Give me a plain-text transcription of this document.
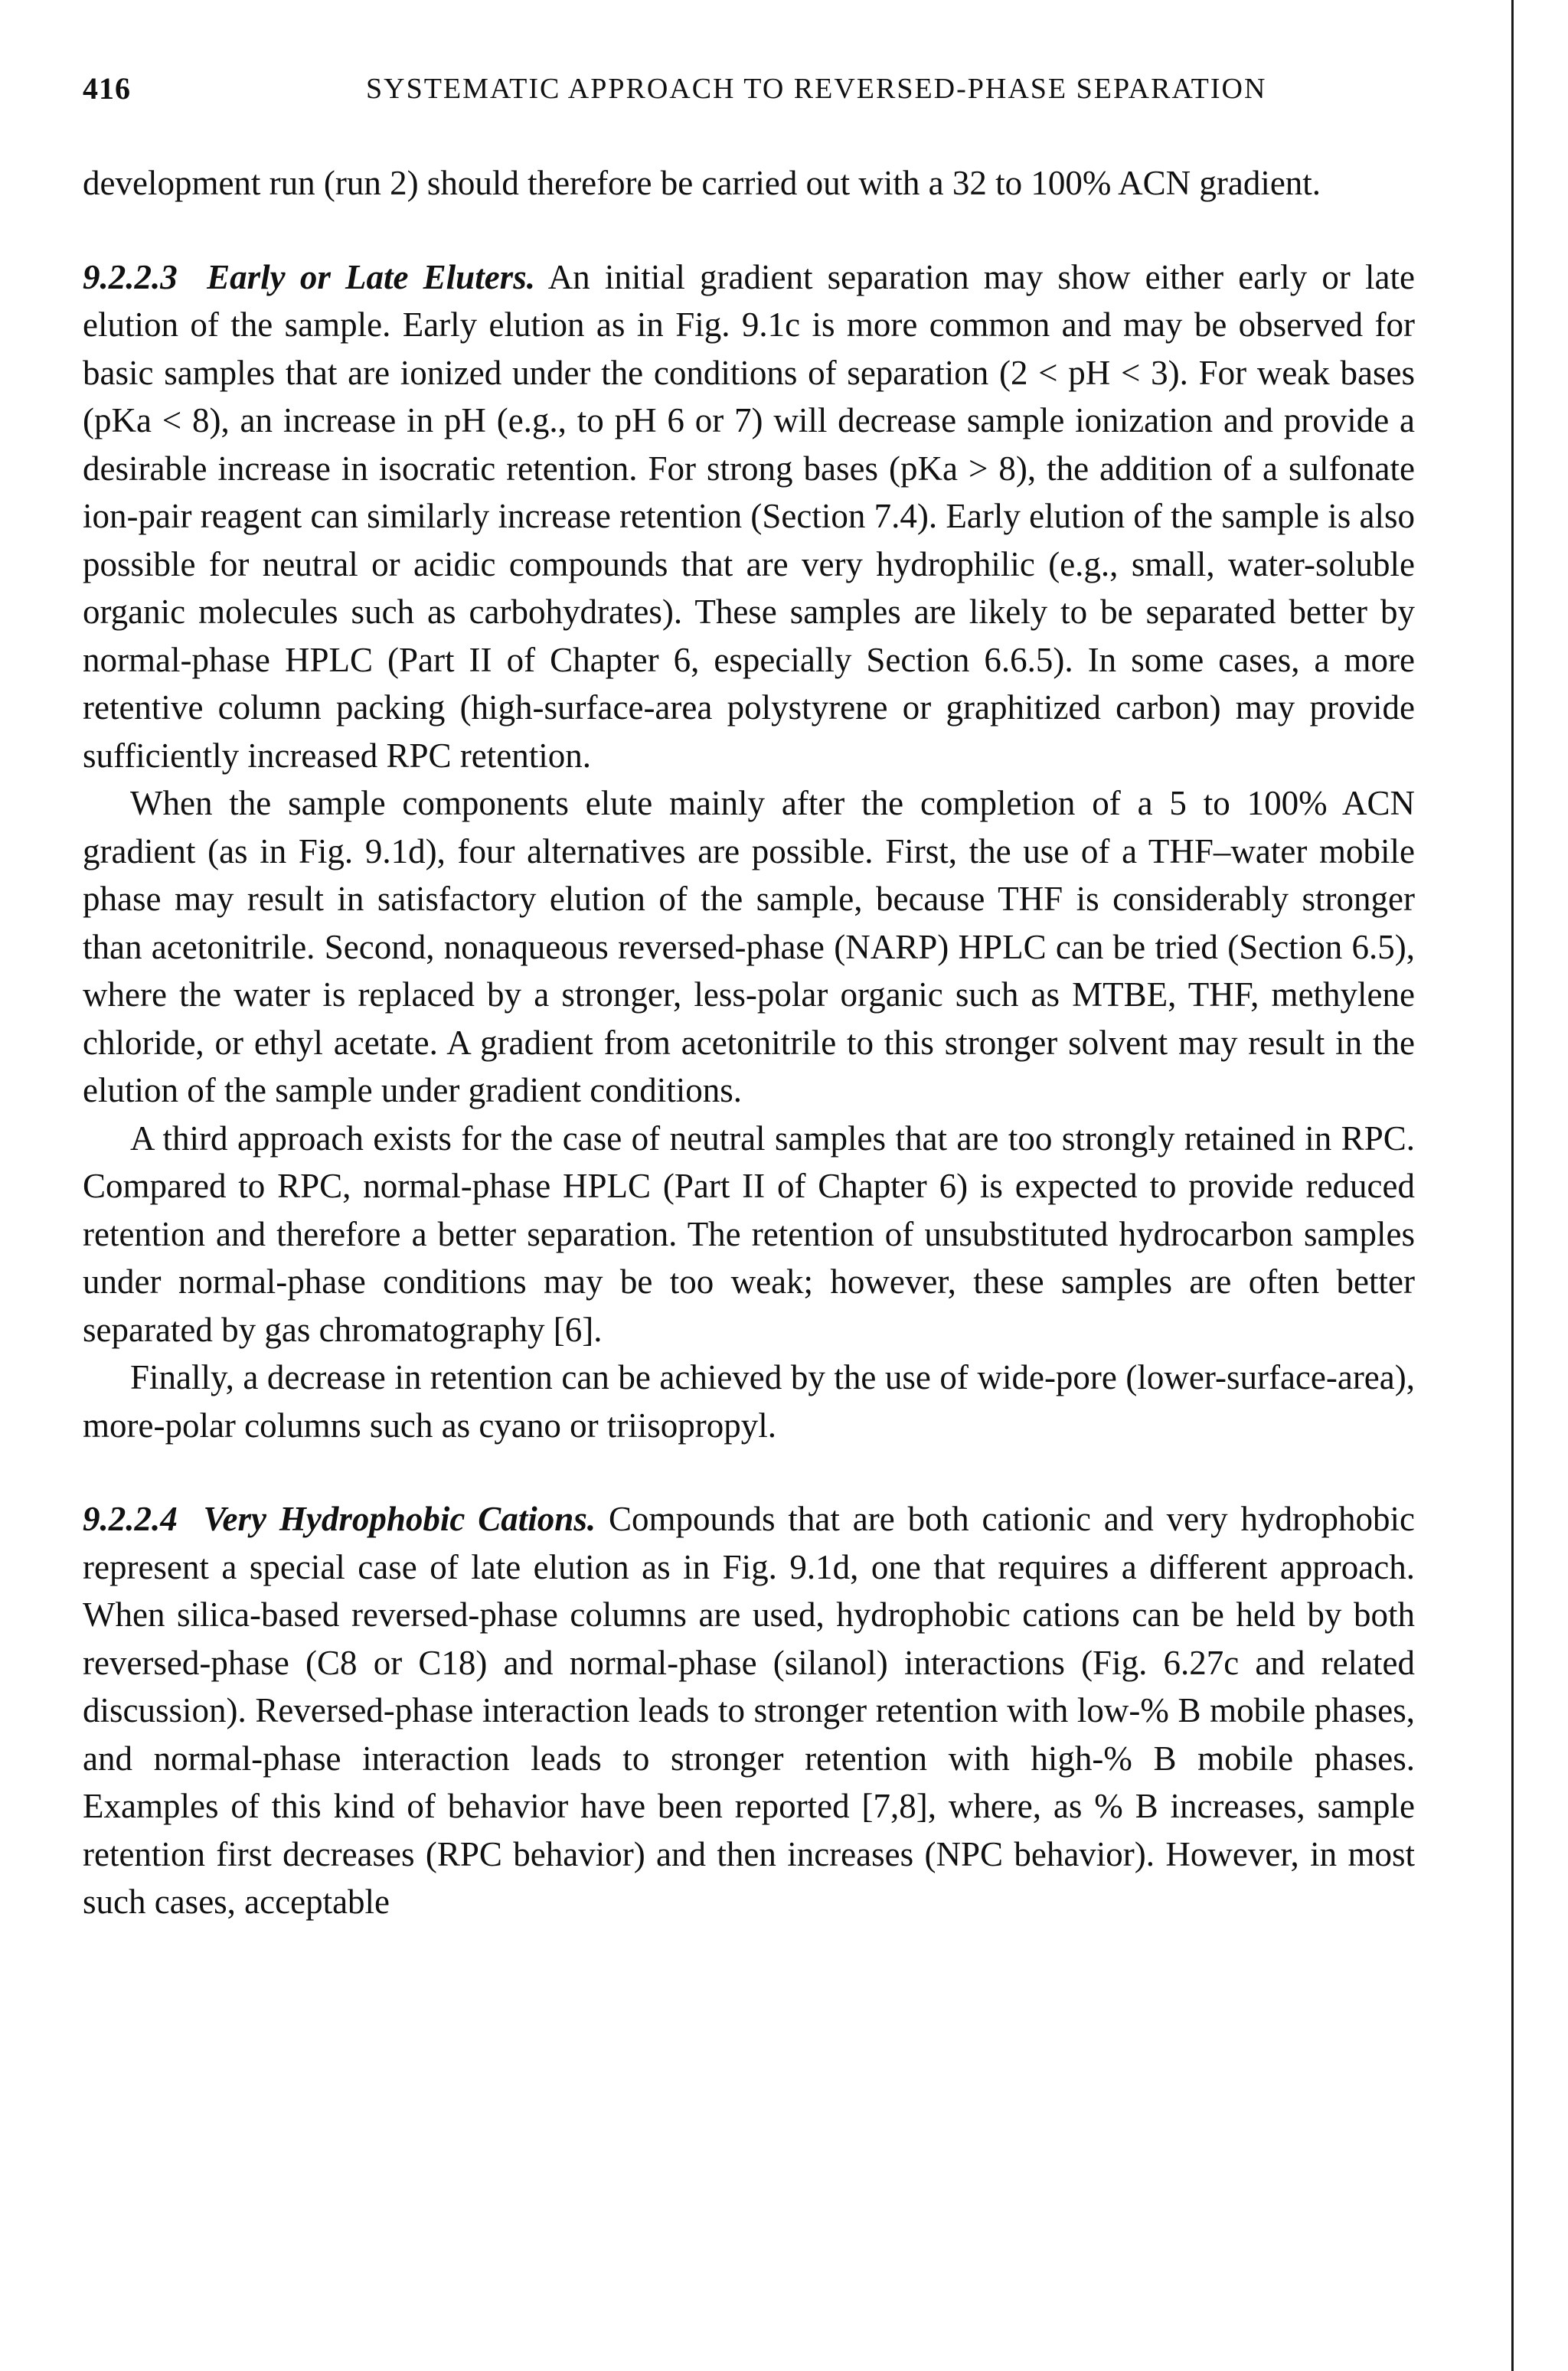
416	SYSTEMATIC APPROACH TO REVERSED-PHASE SEPARATION

development run (run 2) should therefore be carried out with a 32 to 100% ACN gradient.

9.2.2.3 Early or Late Eluters. An initial gradient separation may show either early or late elution of the sample. Early elution as in Fig. 9.1c is more common and may be observed for basic samples that are ionized under the conditions of separation (2 < pH < 3). For weak bases (pKa < 8), an increase in pH (e.g., to pH 6 or 7) will decrease sample ionization and provide a desirable increase in isocratic retention. For strong bases (pKa > 8), the addition of a sulfonate ion-pair reagent can similarly increase retention (Section 7.4). Early elution of the sample is also possible for neutral or acidic compounds that are very hydrophilic (e.g., small, water-soluble organic molecules such as carbohydrates). These samples are likely to be separated better by normal-phase HPLC (Part II of Chapter 6, especially Section 6.6.5). In some cases, a more retentive column packing (high-surface-area polystyrene or graphitized carbon) may provide sufficiently increased RPC retention.

When the sample components elute mainly after the completion of a 5 to 100% ACN gradient (as in Fig. 9.1d), four alternatives are possible. First, the use of a THF–water mobile phase may result in satisfactory elution of the sample, because THF is considerably stronger than acetonitrile. Second, nonaqueous reversed-phase (NARP) HPLC can be tried (Section 6.5), where the water is replaced by a stronger, less-polar organic such as MTBE, THF, methylene chloride, or ethyl acetate. A gradient from acetonitrile to this stronger solvent may result in the elution of the sample under gradient conditions.

A third approach exists for the case of neutral samples that are too strongly retained in RPC. Compared to RPC, normal-phase HPLC (Part II of Chapter 6) is expected to provide reduced retention and therefore a better separation. The retention of unsubstituted hydrocarbon samples under normal-phase conditions may be too weak; however, these samples are often better separated by gas chromatography [6].

Finally, a decrease in retention can be achieved by the use of wide-pore (lower-surface-area), more-polar columns such as cyano or triisopropyl.

9.2.2.4 Very Hydrophobic Cations. Compounds that are both cationic and very hydrophobic represent a special case of late elution as in Fig. 9.1d, one that requires a different approach. When silica-based reversed-phase columns are used, hydrophobic cations can be held by both reversed-phase (C8 or C18) and normal-phase (silanol) interactions (Fig. 6.27c and related discussion). Reversed-phase interaction leads to stronger retention with low-% B mobile phases, and normal-phase interaction leads to stronger retention with high-% B mobile phases. Examples of this kind of behavior have been reported [7,8], where, as % B increases, sample retention first decreases (RPC behavior) and then increases (NPC behavior). However, in most such cases, acceptable
